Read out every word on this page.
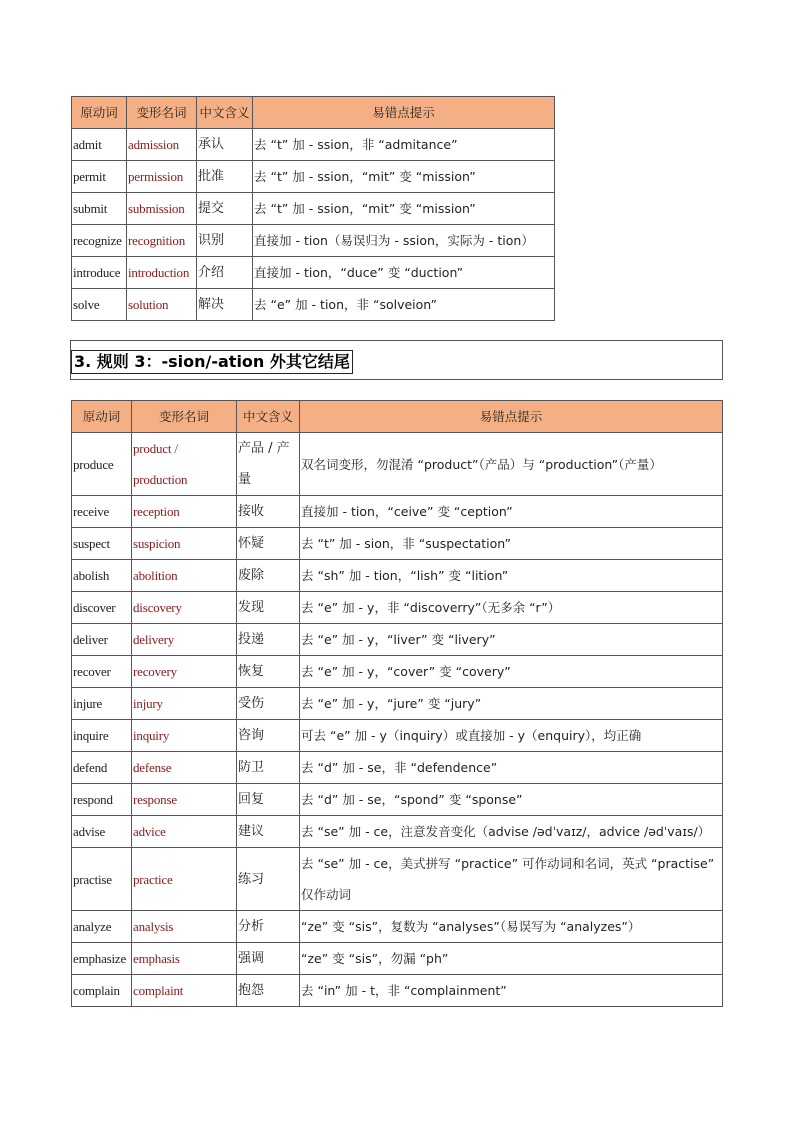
原动词	变形名词	中文含义	易错点提示
admit	admission	承认	去 “t” 加 - ssion，非 “admitance”
permit	permission	批准	去 “t” 加 - ssion，“mit” 变 “mission”
submit	submission	提交	去 “t” 加 - ssion，“mit” 变 “mission”
recognize	recognition	识别	直接加 - tion（易误归为 - ssion，实际为 - tion）
introduce	introduction	介绍	直接加 - tion，“duce” 变 “duction”
solve	solution	解决	去 “e” 加 - tion，非 “solveion”
3. 规则 3：-sion/-ation 外其它结尾
原动词	变形名词	中文含义	易错点提示
produce	product / production	产品 / 产量	双名词变形，勿混淆 “product”（产品）与 “production”（产量）
receive	reception	接收	直接加 - tion，“ceive” 变 “ception”
suspect	suspicion	怀疑	去 “t” 加 - sion，非 “suspectation”
abolish	abolition	废除	去 “sh” 加 - tion，“lish” 变 “lition”
discover	discovery	发现	去 “e” 加 - y，非 “discoverry”（无多余 “r”）
deliver	delivery	投递	去 “e” 加 - y，“liver” 变 “livery”
recover	recovery	恢复	去 “e” 加 - y，“cover” 变 “covery”
injure	injury	受伤	去 “e” 加 - y，“jure” 变 “jury”
inquire	inquiry	咨询	可去 “e” 加 - y（inquiry）或直接加 - y（enquiry），均正确
defend	defense	防卫	去 “d” 加 - se，非 “defendence”
respond	response	回复	去 “d” 加 - se，“spond” 变 “sponse”
advise	advice	建议	去 “se” 加 - ce，注意发音变化（advise /ədˈvaɪz/，advice /ədˈvaɪs/）
practise	practice	练习	去 “se” 加 - ce，美式拼写 “practice” 可作动词和名词，英式 “practise” 仅作动词
analyze	analysis	分析	“ze” 变 “sis”，复数为 “analyses”（易误写为 “analyzes”）
emphasize	emphasis	强调	“ze” 变 “sis”，勿漏 “ph”
complain	complaint	抱怨	去 “in” 加 - t，非 “complainment”
